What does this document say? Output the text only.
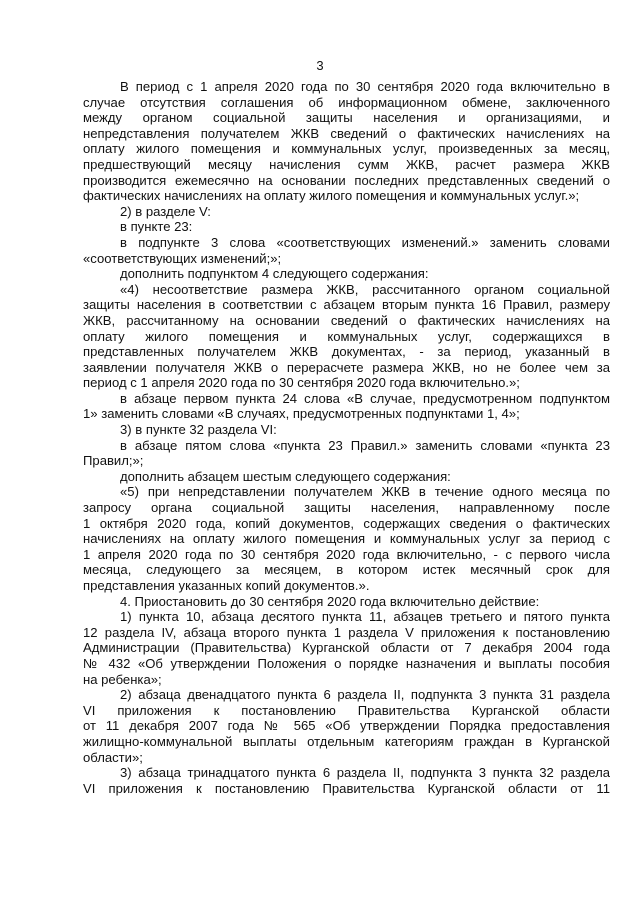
3
В период с 1 апреля 2020 года по 30 сентября 2020 года включительно в
случае отсутствия соглашения об информационном обмене, заключенного
между органом социальной защиты населения и организациями, и
непредставления получателем ЖКВ сведений о фактических начислениях на
оплату жилого помещения и коммунальных услуг, произведенных за месяц,
предшествующий месяцу начисления сумм ЖКВ, расчет размера ЖКВ
производится ежемесячно на основании последних представленных сведений о
фактических начислениях на оплату жилого помещения и коммунальных услуг.»;
2) в разделе V:
в пункте 23:
в подпункте 3 слова «соответствующих изменений.» заменить словами
«соответствующих изменений;»;
дополнить подпунктом 4 следующего содержания:
«4) несоответствие размера ЖКВ, рассчитанного органом социальной
защиты населения в соответствии с абзацем вторым пункта 16 Правил, размеру
ЖКВ, рассчитанному на основании сведений о фактических начислениях на
оплату жилого помещения и коммунальных услуг, содержащихся в
представленных получателем ЖКВ документах, - за период, указанный в
заявлении получателя ЖКВ о перерасчете размера ЖКВ, но не более чем за
период с 1 апреля 2020 года по 30 сентября 2020 года включительно.»;
в абзаце первом пункта 24 слова «В случае, предусмотренном подпунктом
1» заменить словами «В случаях, предусмотренных подпунктами 1, 4»;
3) в пункте 32 раздела VI:
в абзаце пятом слова «пункта 23 Правил.» заменить словами «пункта 23
Правил;»;
дополнить абзацем шестым следующего содержания:
«5) при непредставлении получателем ЖКВ в течение одного месяца по
запросу органа социальной защиты населения, направленному после
1 октября 2020 года, копий документов, содержащих сведения о фактических
начислениях на оплату жилого помещения и коммунальных услуг за период с
1 апреля 2020 года по 30 сентября 2020 года включительно, - с первого числа
месяца, следующего за месяцем, в котором истек месячный срок для
представления указанных копий документов.».
4. Приостановить до 30 сентября 2020 года включительно действие:
1) пункта 10, абзаца десятого пункта 11, абзацев третьего и пятого пункта
12 раздела IV, абзаца второго пункта 1 раздела V приложения к постановлению
Администрации (Правительства) Курганской области от 7 декабря 2004 года
№ 432 «Об утверждении Положения о порядке назначения и выплаты пособия
на ребенка»;
2) абзаца двенадцатого пункта 6 раздела II, подпункта 3 пункта 31 раздела
VI приложения к постановлению Правительства Курганской области
от 11 декабря 2007 года № 565 «Об утверждении Порядка предоставления
жилищно-коммунальной выплаты отдельным категориям граждан в Курганской
области»;
3) абзаца тринадцатого пункта 6 раздела II, подпункта 3 пункта 32 раздела
VI приложения к постановлению Правительства Курганской области от 11
